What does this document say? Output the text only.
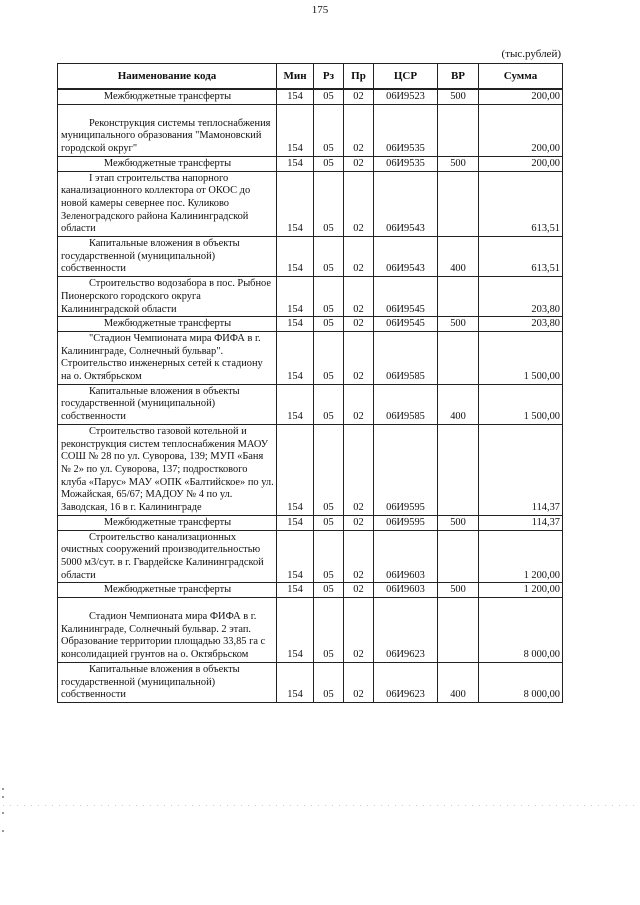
175
(тыс.рублей)
Наименование кода	Мин	Рз	Пр	ЦСР	ВР	Сумма
Межбюджетные трансферты	154	05	02	06И9523	500	200,00

Реконструкция системы теплоснабжения муниципального образования "Мамоновский городской округ"	154	05	02	06И9535		200,00
Межбюджетные трансферты	154	05	02	06И9535	500	200,00

I этап строительства напорного канализационного коллектора от ОКОС до новой камеры севернее пос. Куликово Зеленоградского района Калининградской области	154	05	02	06И9543		613,51

Капитальные вложения в объекты государственной (муниципальной) собственности	154	05	02	06И9543	400	613,51

Строительство водозабора в пос. Рыбное Пионерского городского округа Калининградской области	154	05	02	06И9545		203,80
Межбюджетные трансферты	154	05	02	06И9545	500	203,80

"Стадион Чемпионата мира ФИФА в г. Калининграде, Солнечный бульвар". Строительство инженерных сетей к стадиону на о. Октябрьском	154	05	02	06И9585		1 500,00

Капитальные вложения в объекты государственной (муниципальной) собственности	154	05	02	06И9585	400	1 500,00

Строительство газовой котельной и реконструкция систем теплоснабжения МАОУ СОШ № 28 по ул. Суворова, 139; МУП «Баня № 2» по ул. Суворова, 137; подросткового клуба «Парус» МАУ «ОПК «Балтийское» по ул. Можайская, 65/67; МАДОУ № 4 по ул. Заводская, 16 в г. Калининграде	154	05	02	06И9595		114,37
Межбюджетные трансферты	154	05	02	06И9595	500	114,37

Строительство канализационных очистных сооружений производительностью 5000 м3/сут. в г. Гвардейске Калининградской области	154	05	02	06И9603		1 200,00
Межбюджетные трансферты	154	05	02	06И9603	500	1 200,00

Стадион Чемпионата мира ФИФА в г. Калининграде, Солнечный бульвар. 2 этап. Образование территории площадью 33,85 га с консолидацией грунтов на о. Октябрьском	154	05	02	06И9623		8 000,00

Капитальные вложения в объекты государственной (муниципальной) собственности	154	05	02	06И9623	400	8 000,00
